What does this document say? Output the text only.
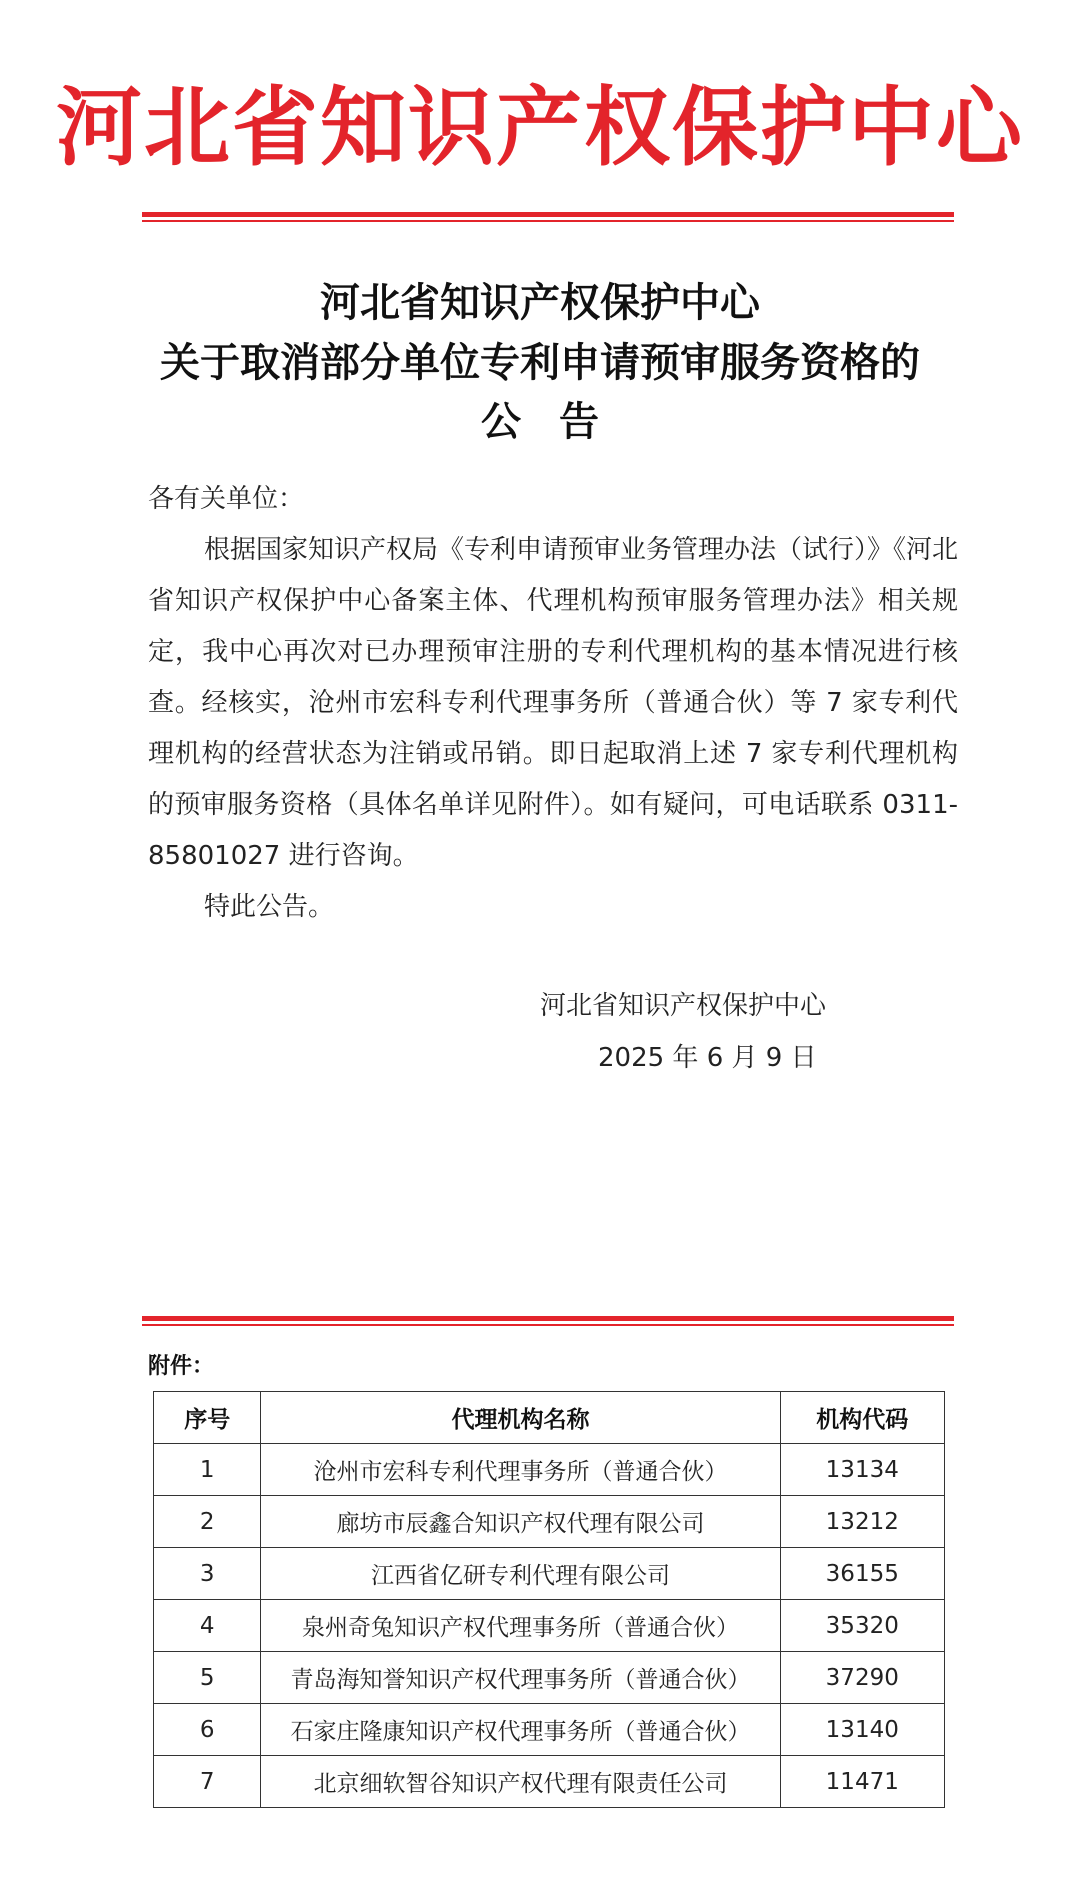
河北省知识产权保护中心
河北省知识产权保护中心
关于取消部分单位专利申请预审服务资格的
公告
各有关单位：
根据国家知识产权局《专利申请预审业务管理办法（试行）》《河北省知识产权保护中心备案主体、代理机构预审服务管理办法》相关规定，我中心再次对已办理预审注册的专利代理机构的基本情况进行核查。经核实，沧州市宏科专利代理事务所（普通合伙）等 7 家专利代理机构的经营状态为注销或吊销。即日起取消上述 7 家专利代理机构的预审服务资格（具体名单详见附件）。如有疑问，可电话联系 0311-85801027 进行咨询。
特此公告。
河北省知识产权保护中心
2025 年 6 月 9 日
附件：
序号	代理机构名称	机构代码
1	沧州市宏科专利代理事务所（普通合伙）	13134
2	廊坊市辰鑫合知识产权代理有限公司	13212
3	江西省亿研专利代理有限公司	36155
4	泉州奇兔知识产权代理事务所（普通合伙）	35320
5	青岛海知誉知识产权代理事务所（普通合伙）	37290
6	石家庄隆康知识产权代理事务所（普通合伙）	13140
7	北京细软智谷知识产权代理有限责任公司	11471
